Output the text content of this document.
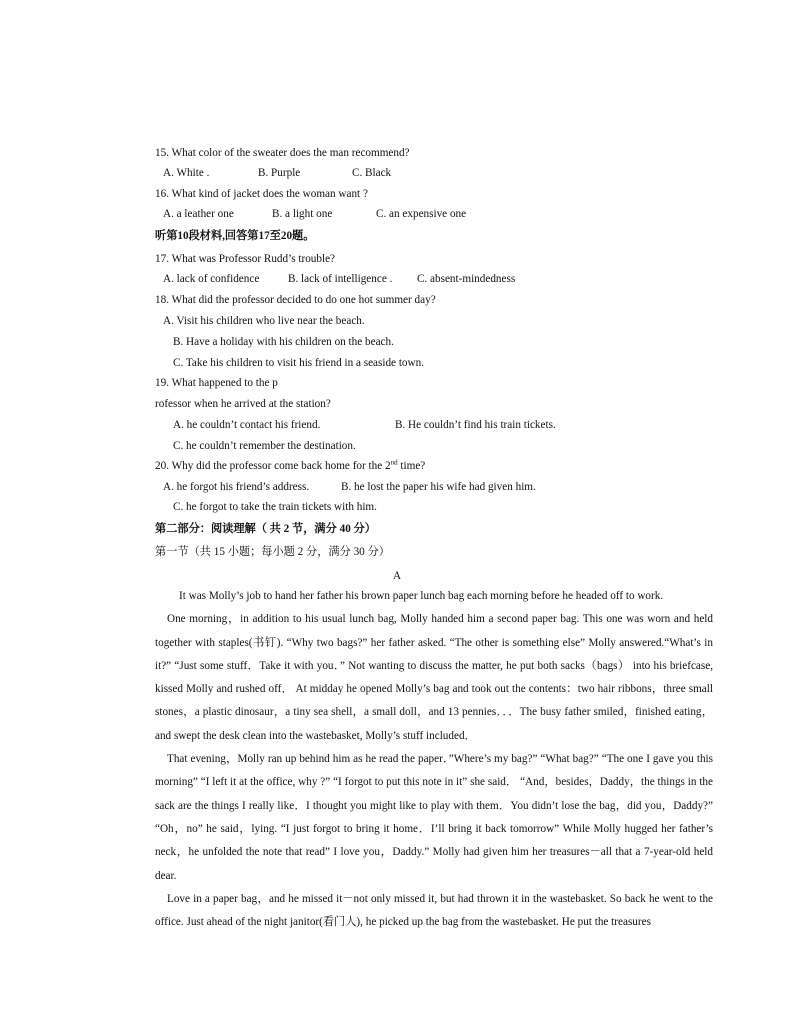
15. What color of the sweater does the man recommend?
A. White .	B. Purple	C. Black
16. What kind of jacket does the woman want ?
A. a leather one	B. a light one	C. an expensive one
听第10段材料,回答第17至20题。
17. What was Professor Rudd’s trouble?
A. lack of confidence	B. lack of intelligence . C. absent-mindedness
18. What did the professor decided to do one hot summer day?
A. Visit his children who live near the beach.
B. Have a holiday with his children on the beach.
C. Take his children to visit his friend in a seaside town.
19. What happened to the p
rofessor when he arrived at the station?
A. he couldn’t contact his friend.	B. He couldn’t find his train tickets.
C. he couldn’t remember the destination.
20. Why did the professor come back home for the 2nd time?
A. he forgot his friend’s address.	B. he lost the paper his wife had given him.
C. he forgot to take the train tickets with him.
第二部分：阅读理解（ 共 2 节，满分 40 分）
第一节（共 15 小题；每小题 2 分，满分 30 分）
A

It was Molly’s job to hand her father his brown paper lunch bag each morning before he headed off to work.

One morning，in addition to his usual lunch bag, Molly handed him a second paper bag. This one was worn and held together with staples(书钉). “Why two bags?” her father asked. “The other is something else” Molly answered.“What’s in it?” “Just some stuff．Take it with you．” Not wanting to discuss the matter, he put both sacks（bags） into his briefcase, kissed Molly and rushed off． At midday he opened Molly’s bag and took out the contents：two hair ribbons，three small stones，a plastic dinosaur，a tiny sea shell，a small doll，and 13 pennies．．．The busy father smiled，finished eating，and swept the desk clean into the wastebasket, Molly’s stuff included．

That evening，Molly ran up behind him as he read the paper．”Where’s my bag?” “What bag?” “The one I gave you this morning” “I left it at the office, why ?” “I forgot to put this note in it” she said． “And，besides，Daddy，the things in the sack are the things I really like．I thought you might like to play with them．You didn’t lose the bag，did you，Daddy?” “Oh，no” he said，lying. “I just forgot to bring it home．I’ll bring it back tomorrow” While Molly hugged her father’s neck，he unfolded the note that read” I love you，Daddy.” Molly had given him her treasures－all that a 7-year-old held dear.

Love in a paper bag，and he missed it－not only missed it, but had thrown it in the wastebasket. So back he went to the office. Just ahead of the night janitor(看门人), he picked up the bag from the wastebasket. He put the treasures
